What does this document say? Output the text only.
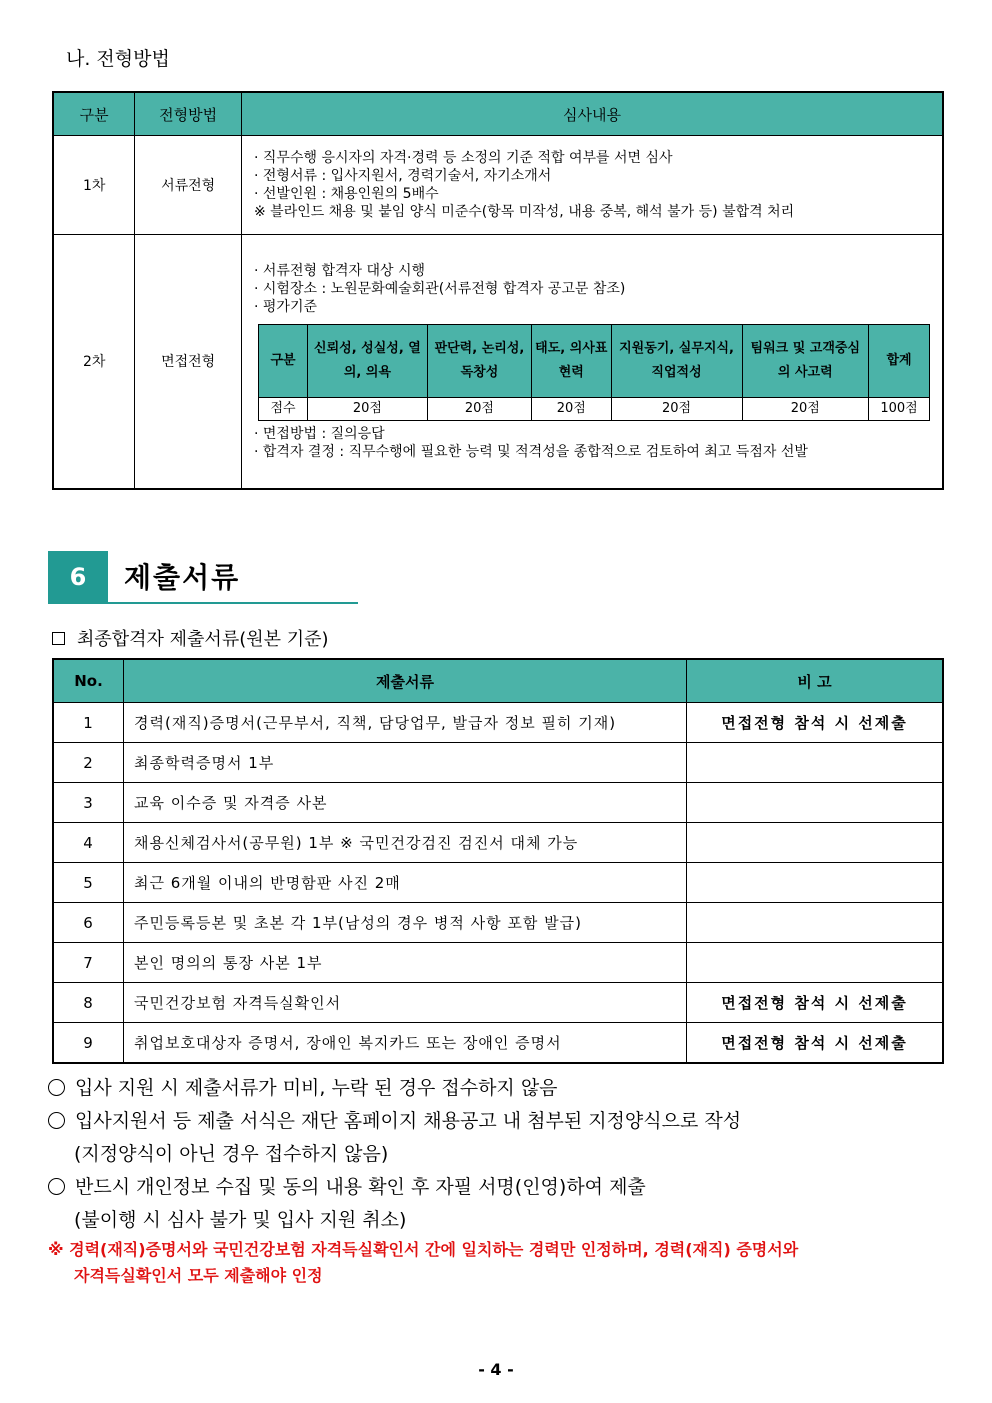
나. 전형방법
구분	전형방법	심사내용
1차	서류전형	
· 직무수행 응시자의 자격·경력 등 소정의 기준 적합 여부를 서면 심사
· 전형서류 : 입사지원서, 경력기술서, 자기소개서
· 선발인원 : 채용인원의 5배수
※ 블라인드 채용 및 붙임 양식 미준수(항목 미작성, 내용 중복, 해석 불가 등) 불합격 처리

2차	면접전형	
· 서류전형 합격자 대상 시행
· 시험장소 : 노원문화예술회관(서류전형 합격자 공고문 참조)
· 평가기준
구분	신뢰성, 성실성, 열의, 의욕	판단력, 논리성, 독창성	태도, 의사표현력	지원동기, 실무지식, 직업적성	팀워크 및 고객중심의 사고력	합계
점수	20점	20점	20점	20점	20점	100점
· 면접방법 : 질의응답
· 합격자 결정 : 직무수행에 필요한 능력 및 적격성을 종합적으로 검토하여 최고 득점자 선발
6	제출서류
최종합격자 제출서류(원본 기준)
No.	제출서류	비 고
1	경력(재직)증명서(근무부서, 직책, 담당업무, 발급자 정보 필히 기재)	면접전형 참석 시 선제출
2	최종학력증명서 1부	
3	교육 이수증 및 자격증 사본	
4	채용신체검사서(공무원) 1부 ※ 국민건강검진 검진서 대체 가능	
5	최근 6개월 이내의 반명함판 사진 2매	
6	주민등록등본 및 초본 각 1부(남성의 경우 병적 사항 포함 발급)	
7	본인 명의의 통장 사본 1부	
8	국민건강보험 자격득실확인서	면접전형 참석 시 선제출
9	취업보호대상자 증명서, 장애인 복지카드 또는 장애인 증명서	면접전형 참석 시 선제출
입사 지원 시 제출서류가 미비, 누락 된 경우 접수하지 않음
입사지원서 등 제출 서식은 재단 홈페이지 채용공고 내 첨부된 지정양식으로 작성
(지정양식이 아닌 경우 접수하지 않음)
반드시 개인정보 수집 및 동의 내용 확인 후 자필 서명(인영)하여 제출
(불이행 시 심사 불가 및 입사 지원 취소)
※ 경력(재직)증명서와 국민건강보험 자격득실확인서 간에 일치하는 경력만 인정하며, 경력(재직) 증명서와
자격득실확인서 모두 제출해야 인정
- 4 -
